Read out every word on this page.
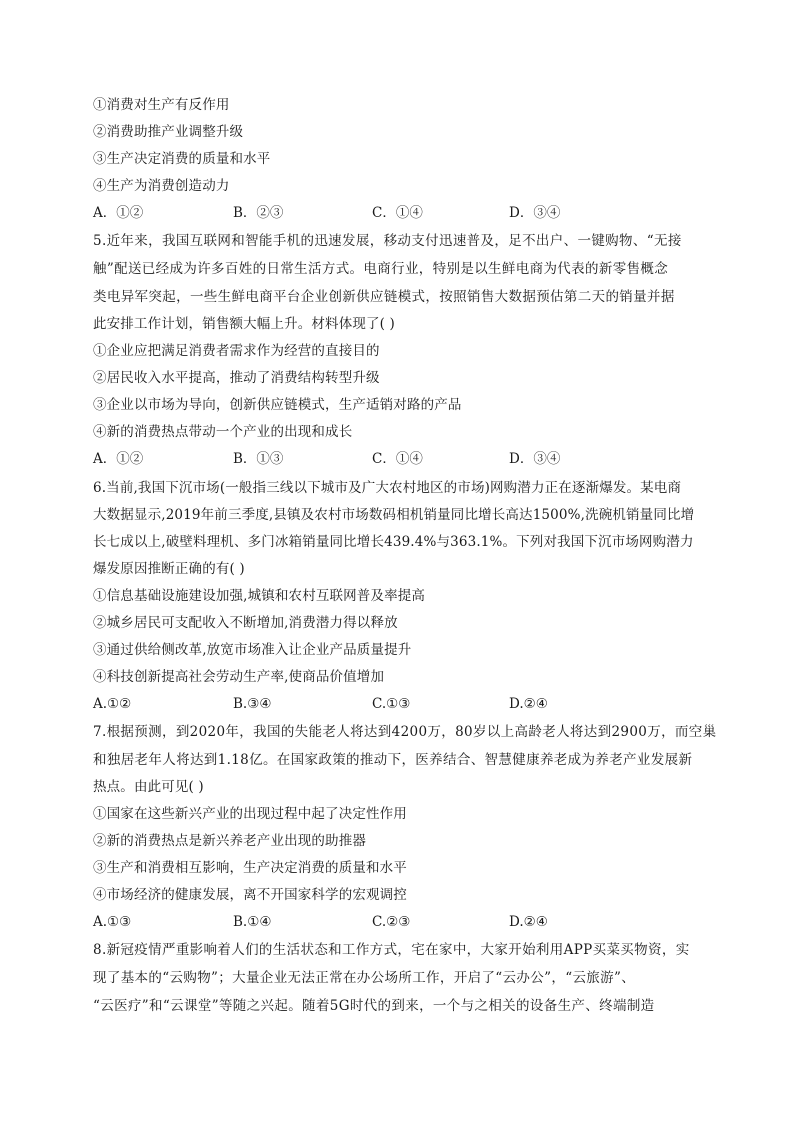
①消费对生产有反作用
②消费助推产业调整升级
③生产决定消费的质量和水平
④生产为消费创造动力
A．①②	B．②③	C．①④	D．③④
5.近年来，我国互联网和智能手机的迅速发展，移动支付迅速普及，足不出户、一键购物、“无接
触”配送已经成为许多百姓的日常生活方式。电商行业，特别是以生鲜电商为代表的新零售概念
类电异军突起，一些生鲜电商平台企业创新供应链模式，按照销售大数据预估第二天的销量并据
此安排工作计划，销售额大幅上升。材料体现了( )
①企业应把满足消费者需求作为经营的直接目的
②居民收入水平提高，推动了消费结构转型升级
③企业以市场为导向，创新供应链模式，生产适销对路的产品
④新的消费热点带动一个产业的出现和成长
A．①②	B．①③	C．①④	D．③④
6.当前,我国下沉市场(一般指三线以下城市及广大农村地区的市场)网购潜力正在逐渐爆发。某电商
大数据显示,2019年前三季度,县镇及农村市场数码相机销量同比增长高达1500%,洗碗机销量同比增
长七成以上,破壁料理机、多门冰箱销量同比增长439.4%与363.1%。下列对我国下沉市场网购潜力
爆发原因推断正确的有( )
①信息基础设施建设加强,城镇和农村互联网普及率提高
②城乡居民可支配收入不断增加,消费潜力得以释放
③通过供给侧改革,放宽市场准入让企业产品质量提升
④科技创新提高社会劳动生产率,使商品价值增加
A.①②	B.③④	C.①③	D.②④
7.根据预测，到2020年，我国的失能老人将达到4200万，80岁以上高龄老人将达到2900万，而空巢
和独居老年人将达到1.18亿。在国家政策的推动下，医养结合、智慧健康养老成为养老产业发展新
热点。由此可见( )
①国家在这些新兴产业的出现过程中起了决定性作用
②新的消费热点是新兴养老产业出现的助推器
③生产和消费相互影响，生产决定消费的质量和水平
④市场经济的健康发展，离不开国家科学的宏观调控
A.①③	B.①④	C.②③	D.②④
8.新冠疫情严重影响着人们的生活状态和工作方式，宅在家中，大家开始利用APP买菜买物资，实
现了基本的“云购物”；大量企业无法正常在办公场所工作，开启了“云办公”，“云旅游”、
“云医疗”和“云课堂”等随之兴起。随着5G时代的到来，一个与之相关的设备生产、终端制造
